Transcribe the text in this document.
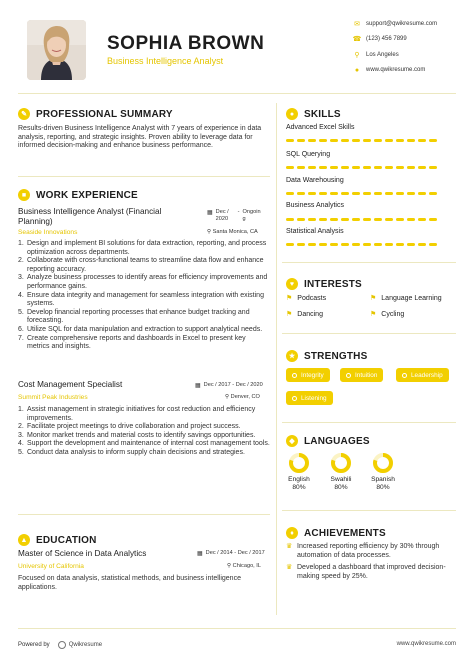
SOPHIA BROWN
Business Intelligence Analyst
✉	support@qwikresume.com
☎ (123) 456 7899
⚲	Los Angeles
●	www.qwikresume.com
✎ PROFESSIONAL SUMMARY
Results-driven Business Intelligence Analyst with 7 years of experience in data analysis, reporting, and strategic insights. Proven ability to leverage data for informed decision-making and enhance business performance.
■ WORK EXPERIENCE
Business Intelligence Analyst (Financial Planning)
▦ Dec / 2020
- Ongoin g
Seaside Innovations	⚲ Santa Monica, CA
1. Design and implement BI solutions for data extraction, reporting, and process optimization across departments.
2. Collaborate with cross-functional teams to streamline data flow and enhance reporting accuracy.
3. Analyze business processes to identify areas for efficiency improvements and performance gains.
4. Ensure data integrity and management for seamless integration with existing systems.
5. Develop financial reporting processes that enhance budget tracking and forecasting.
6. Utilize SQL for data manipulation and extraction to support analytical needs.
7. Create comprehensive reports and dashboards in Excel to present key metrics and insights.
Cost Management Specialist	▦ Dec / 2017 - Dec / 2020
Summit Peak Industries	⚲ Denver, CO
1. Assist management in strategic initiatives for cost reduction and efficiency improvements.
2. Facilitate project meetings to drive collaboration and project success.
3. Monitor market trends and material costs to identify savings opportunities.
4. Support the development and maintenance of internal cost management tools.
5. Conduct data analysis to inform supply chain decisions and strategies.
▲ EDUCATION
Master of Science in Data Analytics	▦ Dec / 2014 - Dec / 2017
University of California	⚲ Chicago, IL
Focused on data analysis, statistical methods, and business intelligence applications.
● SKILLS
Advanced Excel Skills
SQL Querying
Data Warehousing
Business Analytics
Statistical Analysis
♥ INTERESTS
⚑ Podcasts	⚑ Language Learning
⚑ Dancing	⚑ Cycling
★ STRENGTHS
Integrity	Intuition	Leadership
Listening
◆ LANGUAGES
English
80%
Swahili
80%
Spanish
80%
♦	ACHIEVEMENTS
♛ Increased reporting efficiency by 30% through automation of data processes.
♛ Developed a dashboard that improved decision-making speed by 25%.
Powered by	Qwikresume	www.qwikresume.com
